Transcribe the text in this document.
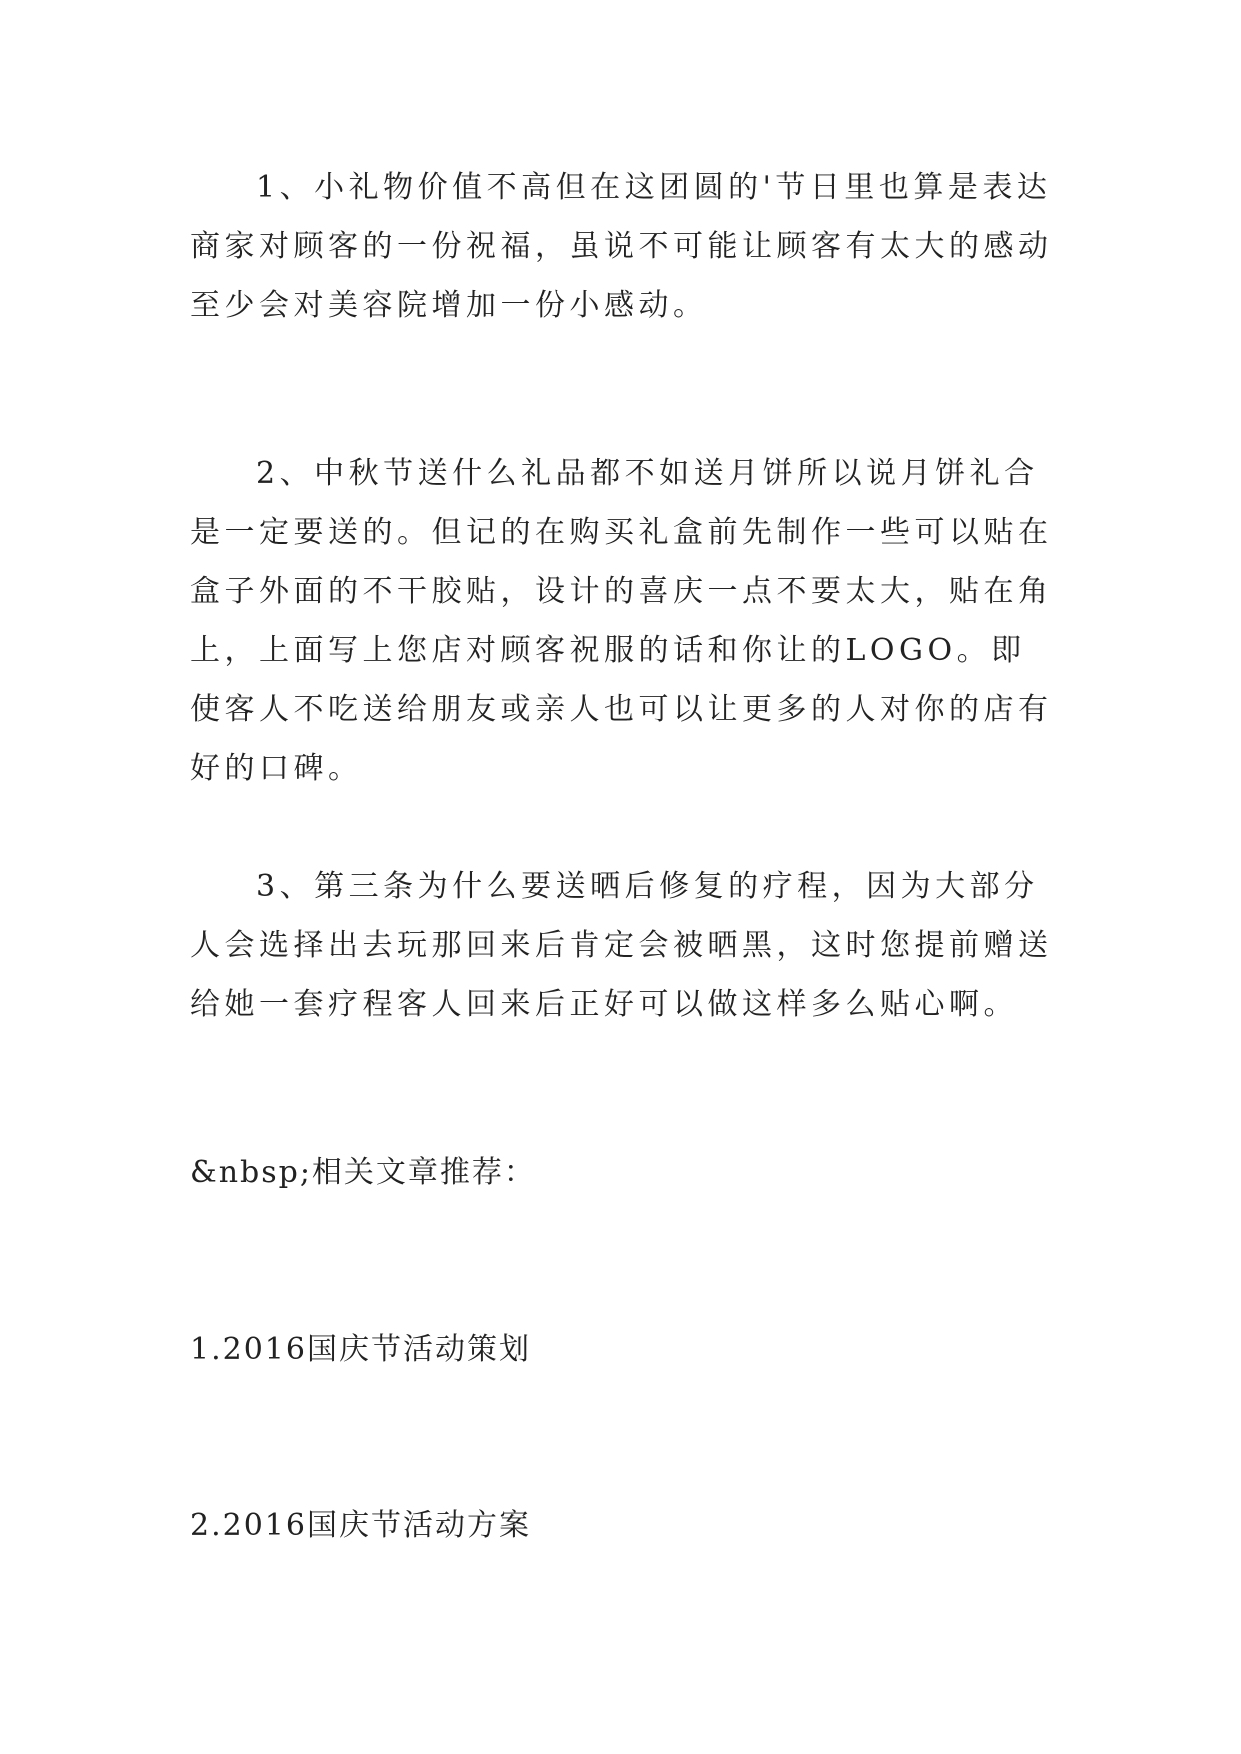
1、小礼物价值不高但在这团圆的'节日里也算是表达商家对顾客的一份祝福，虽说不可能让顾客有太大的感动至少会对美容院增加一份小感动。

2、中秋节送什么礼品都不如送月饼所以说月饼礼合是一定要送的。但记的在购买礼盒前先制作一些可以贴在盒子外面的不干胶贴，设计的喜庆一点不要太大，贴在角上，上面写上您店对顾客祝服的话和你让的LOGO。即使客人不吃送给朋友或亲人也可以让更多的人对你的店有好的口碑。

3、第三条为什么要送晒后修复的疗程，因为大部分人会选择出去玩那回来后肯定会被晒黑，这时您提前赠送给她一套疗程客人回来后正好可以做这样多么贴心啊。

&nbsp;相关文章推荐：

1.2016国庆节活动策划

2.2016国庆节活动方案
